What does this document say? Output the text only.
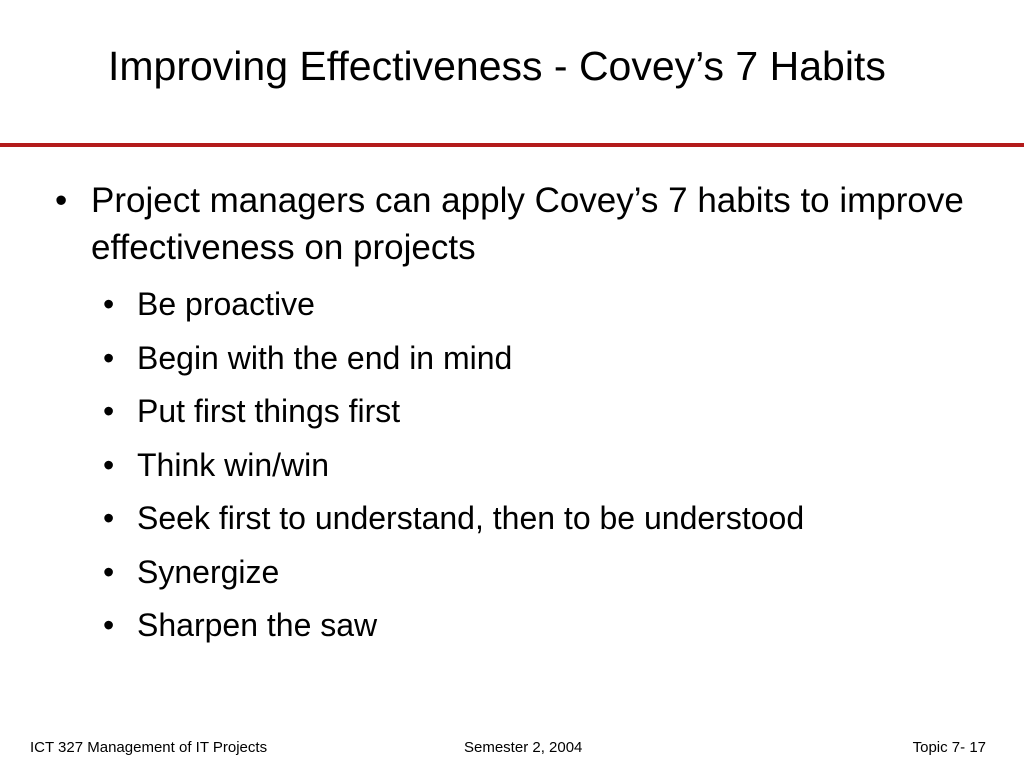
Improving Effectiveness - Covey’s 7 Habits
• Project managers can apply Covey’s 7 habits to improve effectiveness on projects
• Be proactive
• Begin with the end in mind
• Put first things first
• Think win/win
• Seek first to understand, then to be understood
• Synergize
• Sharpen the saw
ICT 327 Management of IT Projects	Semester 2, 2004	Topic 7- 17
